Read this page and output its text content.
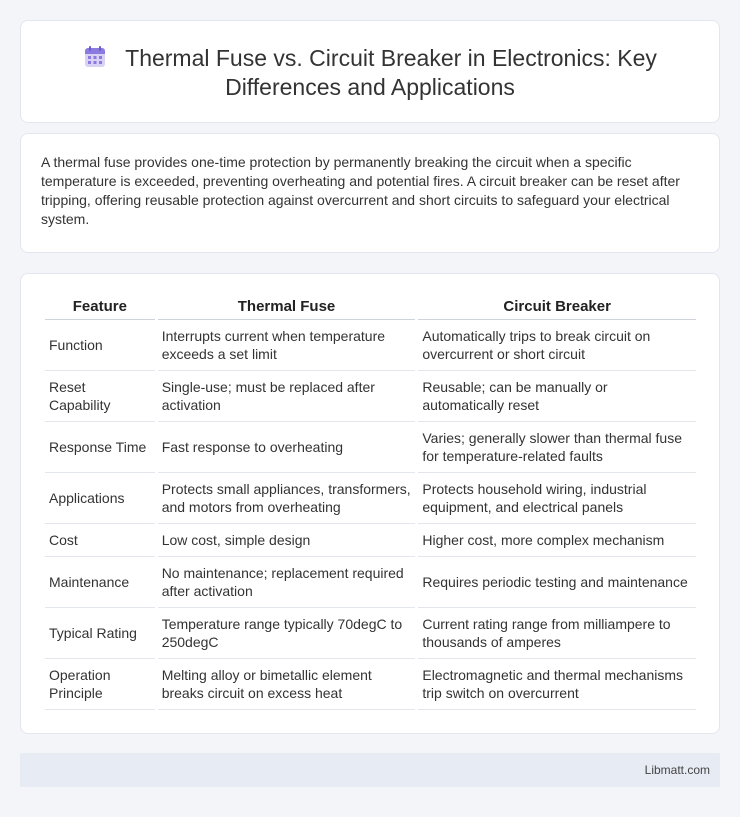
Thermal Fuse vs. Circuit Breaker in Electronics: Key Differences and Applications

A thermal fuse provides one-time protection by permanently breaking the circuit when a specific temperature is exceeded, preventing overheating and potential fires. A circuit breaker can be reset after tripping, offering reusable protection against overcurrent and short circuits to safeguard your electrical system.

Feature	Thermal Fuse	Circuit Breaker
Function	Interrupts current when temperature exceeds a set limit	Automatically trips to break circuit on overcurrent or short circuit
Reset Capability	Single-use; must be replaced after activation	Reusable; can be manually or automatically reset
Response Time	Fast response to overheating	Varies; generally slower than thermal fuse for temperature-related faults
Applications	Protects small appliances, transformers, and motors from overheating	Protects household wiring, industrial equipment, and electrical panels
Cost	Low cost, simple design	Higher cost, more complex mechanism
Maintenance	No maintenance; replacement required after activation	Requires periodic testing and maintenance
Typical Rating	Temperature range typically 70degC to 250degC	Current rating range from milliampere to thousands of amperes
Operation Principle	Melting alloy or bimetallic element breaks circuit on excess heat	Electromagnetic and thermal mechanisms trip switch on overcurrent
Libmatt.com
